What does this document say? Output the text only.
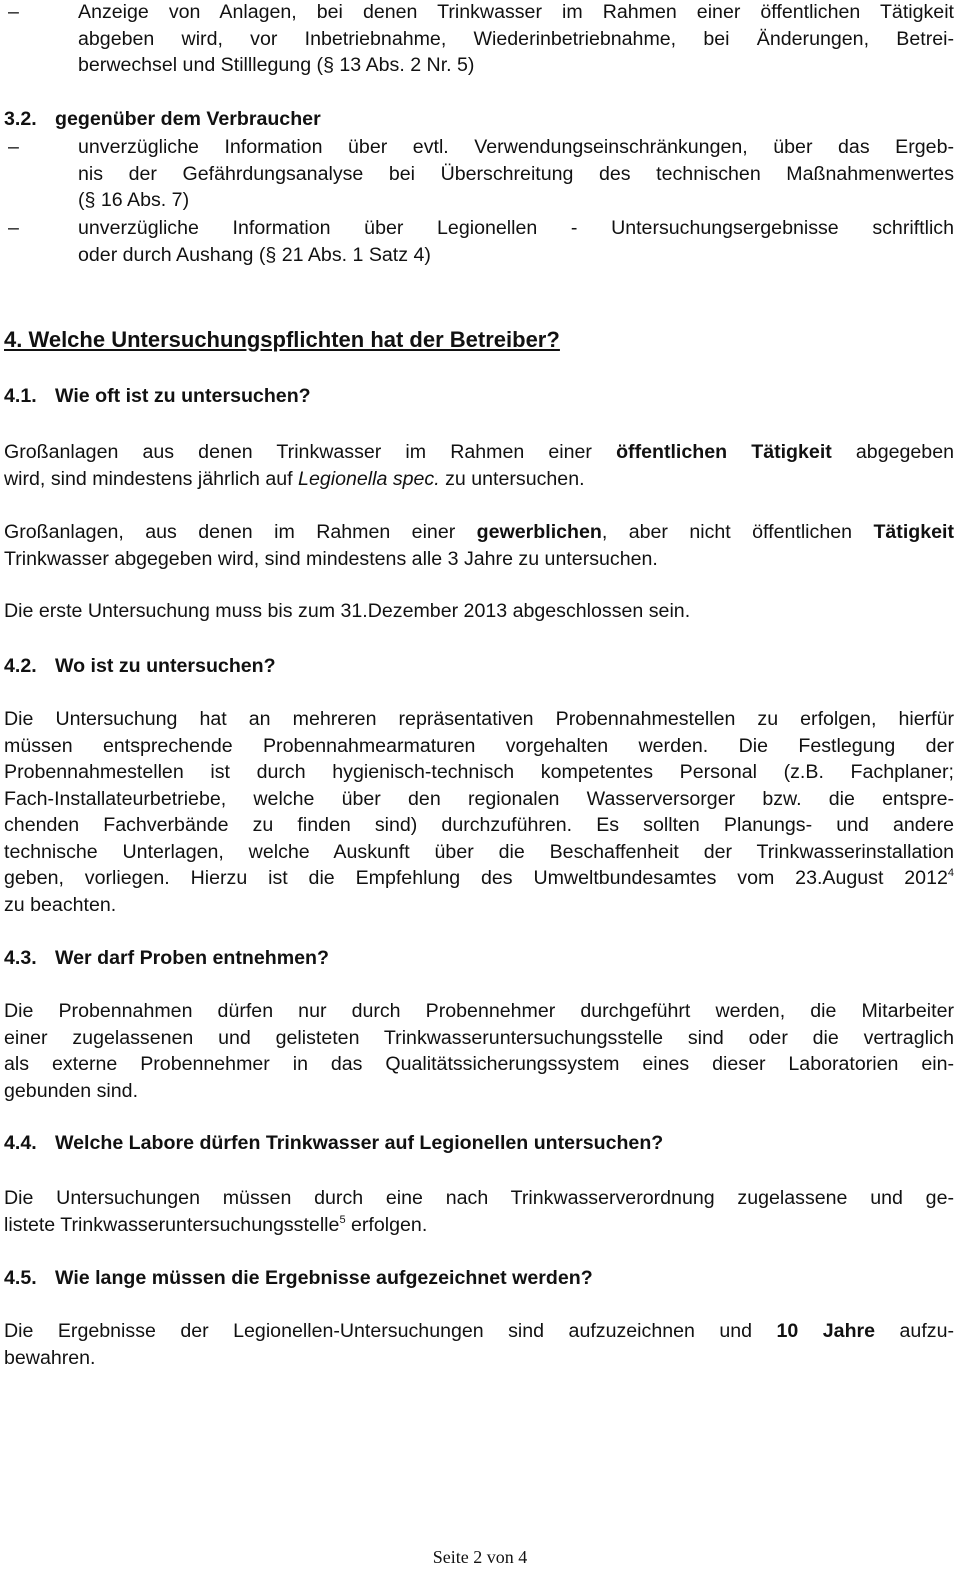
–	Anzeige von Anlagen, bei denen Trinkwasser im Rahmen einer öffentlichen Tätigkeit
abgeben wird, vor Inbetriebnahme, Wiederinbetriebnahme, bei Änderungen, Betrei-
berwechsel und Stilllegung (§ 13 Abs. 2 Nr. 5)
3.2. gegenüber dem Verbraucher
–	unverzügliche Information über evtl. Verwendungseinschränkungen, über das Ergeb-
nis der Gefährdungsanalyse bei Überschreitung des technischen Maßnahmenwertes
(§ 16 Abs. 7)
–	unverzügliche Information über Legionellen - Untersuchungsergebnisse schriftlich
oder durch Aushang (§ 21 Abs. 1 Satz 4)
4. Welche Untersuchungspflichten hat der Betreiber?
4.1. Wie oft ist zu untersuchen?
Großanlagen aus denen Trinkwasser im Rahmen einer öffentlichen Tätigkeit abgegeben
wird, sind mindestens jährlich auf Legionella spec. zu untersuchen.
Großanlagen, aus denen im Rahmen einer gewerblichen, aber nicht öffentlichen Tätigkeit
Trinkwasser abgegeben wird, sind mindestens alle 3 Jahre zu untersuchen.
Die erste Untersuchung muss bis zum 31.Dezember 2013 abgeschlossen sein.
4.2. Wo ist zu untersuchen?
Die Untersuchung hat an mehreren repräsentativen Probennahmestellen zu erfolgen, hierfür
müssen entsprechende Probennahmearmaturen vorgehalten werden. Die Festlegung der
Probennahmestellen ist durch hygienisch-technisch kompetentes Personal (z.B. Fachplaner;
Fach-Installateurbetriebe, welche über den regionalen Wasserversorger bzw. die entspre-
chenden Fachverbände zu finden sind) durchzuführen. Es sollten Planungs- und andere
technische Unterlagen, welche Auskunft über die Beschaffenheit der Trinkwasserinstallation
geben, vorliegen. Hierzu ist die Empfehlung des Umweltbundesamtes vom 23.August 2012$^4$
zu beachten.
4.3. Wer darf Proben entnehmen?
Die Probennahmen dürfen nur durch Probennehmer durchgeführt werden, die Mitarbeiter
einer zugelassenen und gelisteten Trinkwasseruntersuchungsstelle sind oder die vertraglich
als externe Probennehmer in das Qualitätssicherungssystem eines dieser Laboratorien ein-
gebunden sind.
4.4. Welche Labore dürfen Trinkwasser auf Legionellen untersuchen?
Die Untersuchungen müssen durch eine nach Trinkwasserverordnung zugelassene und ge-
listete Trinkwasseruntersuchungsstelle$^5$ erfolgen.
4.5. Wie lange müssen die Ergebnisse aufgezeichnet werden?
Die Ergebnisse der Legionellen-Untersuchungen sind aufzuzeichnen und 10 Jahre aufzu-
bewahren.
Seite 2 von 4
